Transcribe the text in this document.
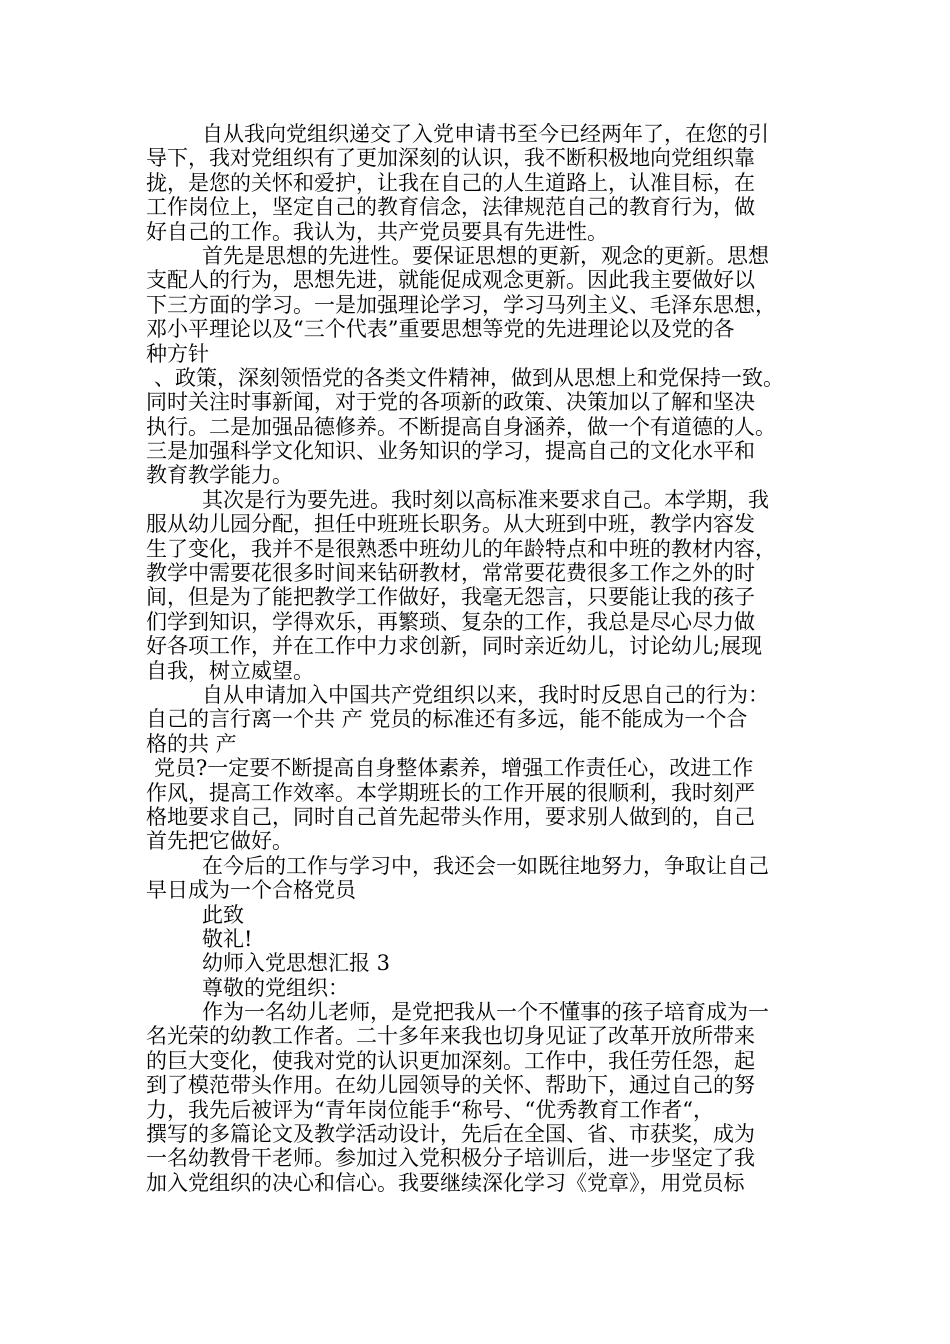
自从我向党组织递交了入党申请书至今已经两年了，在您的引
导下，我对党组织有了更加深刻的认识，我不断积极地向党组织靠
拢，是您的关怀和爱护，让我在自己的人生道路上，认准目标，在
工作岗位上，坚定自己的教育信念，法律规范自己的教育行为，做
好自己的工作。我认为，共产党员要具有先进性。
首先是思想的先进性。要保证思想的更新，观念的更新。思想
支配人的行为，思想先进，就能促成观念更新。因此我主要做好以
下三方面的学习。一是加强理论学习，学习马列主义、毛泽东思想，
邓小平理论以及“三个代表”重要思想等党的先进理论以及党的各
种方针
、政策，深刻领悟党的各类文件精神，做到从思想上和党保持一致。
同时关注时事新闻，对于党的各项新的政策、决策加以了解和坚决
执行。二是加强品德修养。不断提高自身涵养，做一个有道德的人。
三是加强科学文化知识、业务知识的学习，提高自己的文化水平和
教育教学能力。
其次是行为要先进。我时刻以高标准来要求自己。本学期，我
服从幼儿园分配，担任中班班长职务。从大班到中班，教学内容发
生了变化，我并不是很熟悉中班幼儿的年龄特点和中班的教材内容，
教学中需要花很多时间来钻研教材，常常要花费很多工作之外的时
间，但是为了能把教学工作做好，我毫无怨言，只要能让我的孩子
们学到知识，学得欢乐，再繁琐、复杂的工作，我总是尽心尽力做
好各项工作，并在工作中力求创新，同时亲近幼儿，讨论幼儿;展现
自我，树立威望。
自从申请加入中国共产党组织以来，我时时反思自己的行为：
自己的言行离一个共 产 党员的标准还有多远，能不能成为一个合
格的共 产
党员?一定要不断提高自身整体素养，增强工作责任心，改进工作
作风，提高工作效率。本学期班长的工作开展的很顺利，我时刻严
格地要求自己，同时自己首先起带头作用，要求别人做到的，自己
首先把它做好。
在今后的工作与学习中，我还会一如既往地努力，争取让自己
早日成为一个合格党员
此致
敬礼!
幼师入党思想汇报 3
尊敬的党组织：
作为一名幼儿老师，是党把我从一个不懂事的孩子培育成为一
名光荣的幼教工作者。二十多年来我也切身见证了改革开放所带来
的巨大变化，使我对党的认识更加深刻。工作中，我任劳任怨，起
到了模范带头作用。在幼儿园领导的关怀、帮助下，通过自己的努
力，我先后被评为“青年岗位能手“称号、“优秀教育工作者“，
撰写的多篇论文及教学活动设计，先后在全国、省、市获奖，成为
一名幼教骨干老师。参加过入党积极分子培训后，进一步坚定了我
加入党组织的决心和信心。我要继续深化学习《党章》，用党员标
